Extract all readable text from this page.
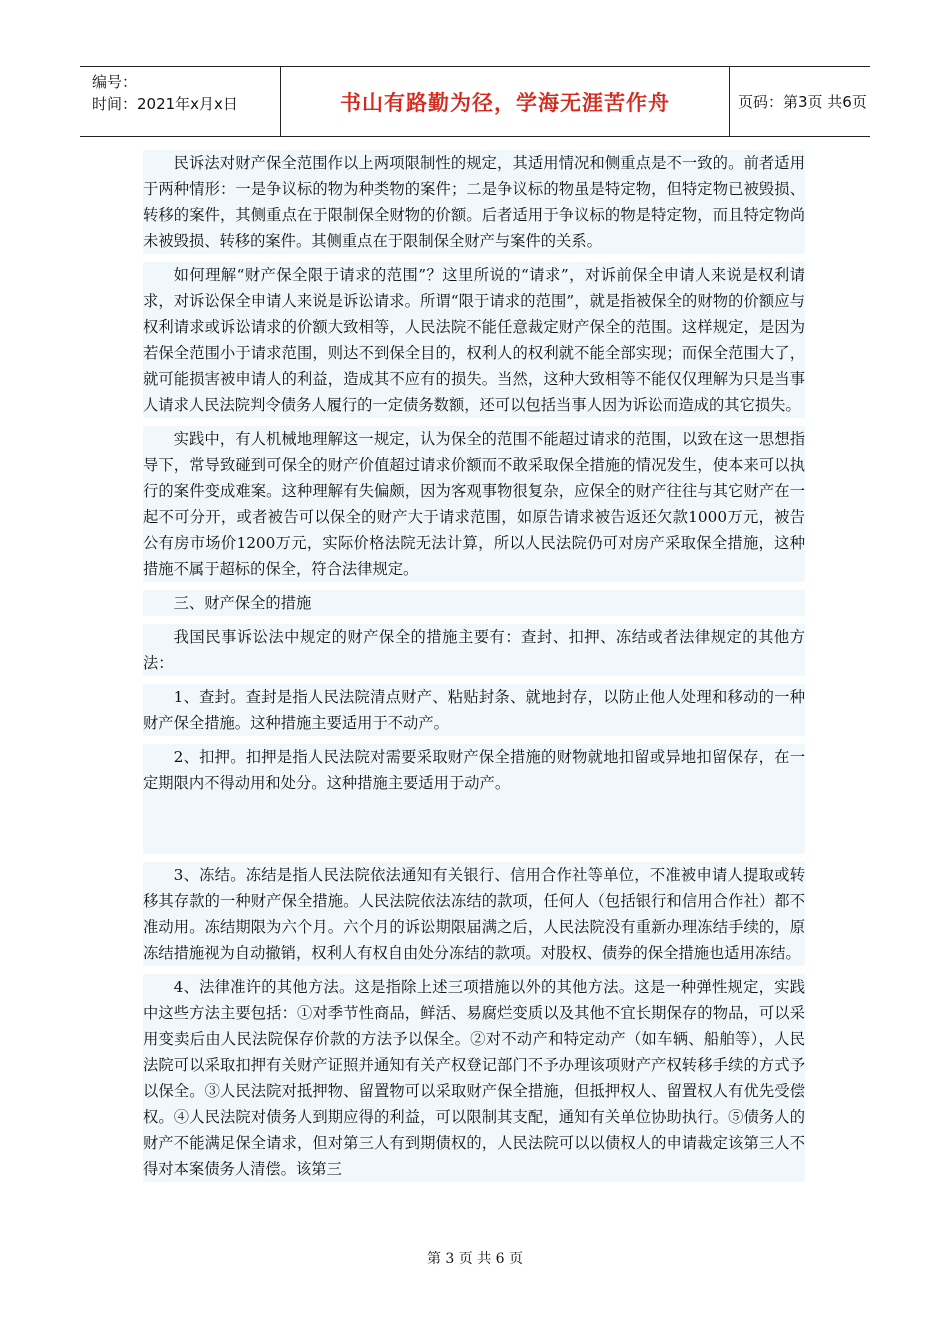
编号：
时间：2021年x月x日	书山有路勤为径，学海无涯苦作舟	页码：第3页 共6页

民诉法对财产保全范围作以上两项限制性的规定，其适用情况和侧重点是不一致的。前者适用于两种情形：一是争议标的物为种类物的案件；二是争议标的物虽是特定物，但特定物已被毁损、转移的案件，其侧重点在于限制保全财物的价额。后者适用于争议标的物是特定物，而且特定物尚未被毁损、转移的案件。其侧重点在于限制保全财产与案件的关系。

如何理解“财产保全限于请求的范围”？这里所说的“请求”，对诉前保全申请人来说是权利请求，对诉讼保全申请人来说是诉讼请求。所谓“限于请求的范围”，就是指被保全的财物的价额应与权利请求或诉讼请求的价额大致相等，人民法院不能任意裁定财产保全的范围。这样规定，是因为若保全范围小于请求范围，则达不到保全目的，权利人的权利就不能全部实现；而保全范围大了，就可能损害被申请人的利益，造成其不应有的损失。当然，这种大致相等不能仅仅理解为只是当事人请求人民法院判令债务人履行的一定债务数额，还可以包括当事人因为诉讼而造成的其它损失。

实践中，有人机械地理解这一规定，认为保全的范围不能超过请求的范围，以致在这一思想指导下，常导致碰到可保全的财产价值超过请求价额而不敢采取保全措施的情况发生，使本来可以执行的案件变成难案。这种理解有失偏颇，因为客观事物很复杂，应保全的财产往往与其它财产在一起不可分开，或者被告可以保全的财产大于请求范围，如原告请求被告返还欠款1000万元，被告公有房市场价1200万元，实际价格法院无法计算，所以人民法院仍可对房产采取保全措施，这种措施不属于超标的保全，符合法律规定。

三、财产保全的措施

我国民事诉讼法中规定的财产保全的措施主要有：查封、扣押、冻结或者法律规定的其他方法：

1、查封。查封是指人民法院清点财产、粘贴封条、就地封存，以防止他人处理和移动的一种财产保全措施。这种措施主要适用于不动产。

2、扣押。扣押是指人民法院对需要采取财产保全措施的财物就地扣留或异地扣留保存，在一定期限内不得动用和处分。这种措施主要适用于动产。

3、冻结。冻结是指人民法院依法通知有关银行、信用合作社等单位，不准被申请人提取或转移其存款的一种财产保全措施。人民法院依法冻结的款项，任何人（包括银行和信用合作社）都不准动用。冻结期限为六个月。六个月的诉讼期限届满之后，人民法院没有重新办理冻结手续的，原冻结措施视为自动撤销，权利人有权自由处分冻结的款项。对股权、债券的保全措施也适用冻结。

4、法律准许的其他方法。这是指除上述三项措施以外的其他方法。这是一种弹性规定，实践中这些方法主要包括：①对季节性商品，鲜活、易腐烂变质以及其他不宜长期保存的物品，可以采用变卖后由人民法院保存价款的方法予以保全。②对不动产和特定动产（如车辆、船舶等），人民法院可以采取扣押有关财产证照并通知有关产权登记部门不予办理该项财产产权转移手续的方式予以保全。③人民法院对抵押物、留置物可以采取财产保全措施，但抵押权人、留置权人有优先受偿权。④人民法院对债务人到期应得的利益，可以限制其支配，通知有关单位协助执行。⑤债务人的财产不能满足保全请求，但对第三人有到期债权的，人民法院可以以债权人的申请裁定该第三人不得对本案债务人清偿。该第三

第 3 页 共 6 页
